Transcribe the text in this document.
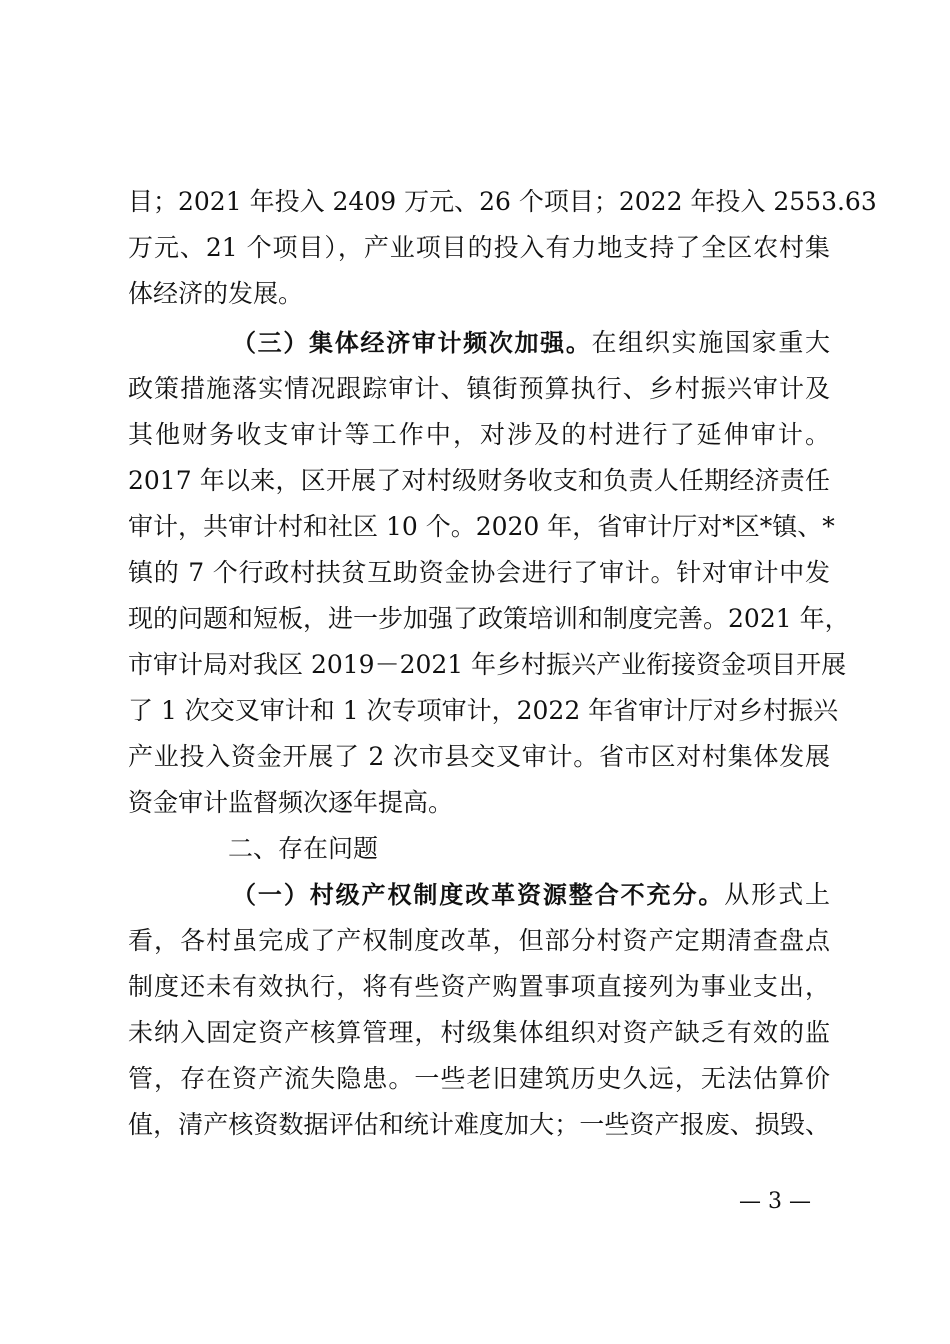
目；2021 年投入 2409 万元、26 个项目；2022 年投入 2553.63
万元、21 个项目），产业项目的投入有力地支持了全区农村集
体经济的发展。
（三）集体经济审计频次加强。在组织实施国家重大
政策措施落实情况跟踪审计、镇街预算执行、乡村振兴审计及
其他财务收支审计等工作中，对涉及的村进行了延伸审计。
2017 年以来，区开展了对村级财务收支和负责人任期经济责任
审计，共审计村和社区 10 个。2020 年，省审计厅对*区*镇、*
镇的 7 个行政村扶贫互助资金协会进行了审计。针对审计中发
现的问题和短板，进一步加强了政策培训和制度完善。2021 年，
市审计局对我区 2019－2021 年乡村振兴产业衔接资金项目开展
了 1 次交叉审计和 1 次专项审计，2022 年省审计厅对乡村振兴
产业投入资金开展了 2 次市县交叉审计。省市区对村集体发展
资金审计监督频次逐年提高。
二、存在问题
（一）村级产权制度改革资源整合不充分。从形式上
看，各村虽完成了产权制度改革，但部分村资产定期清查盘点
制度还未有效执行，将有些资产购置事项直接列为事业支出，
未纳入固定资产核算管理，村级集体组织对资产缺乏有效的监
管，存在资产流失隐患。一些老旧建筑历史久远，无法估算价
值，清产核资数据评估和统计难度加大；一些资产报废、损毁、
— 3 —
